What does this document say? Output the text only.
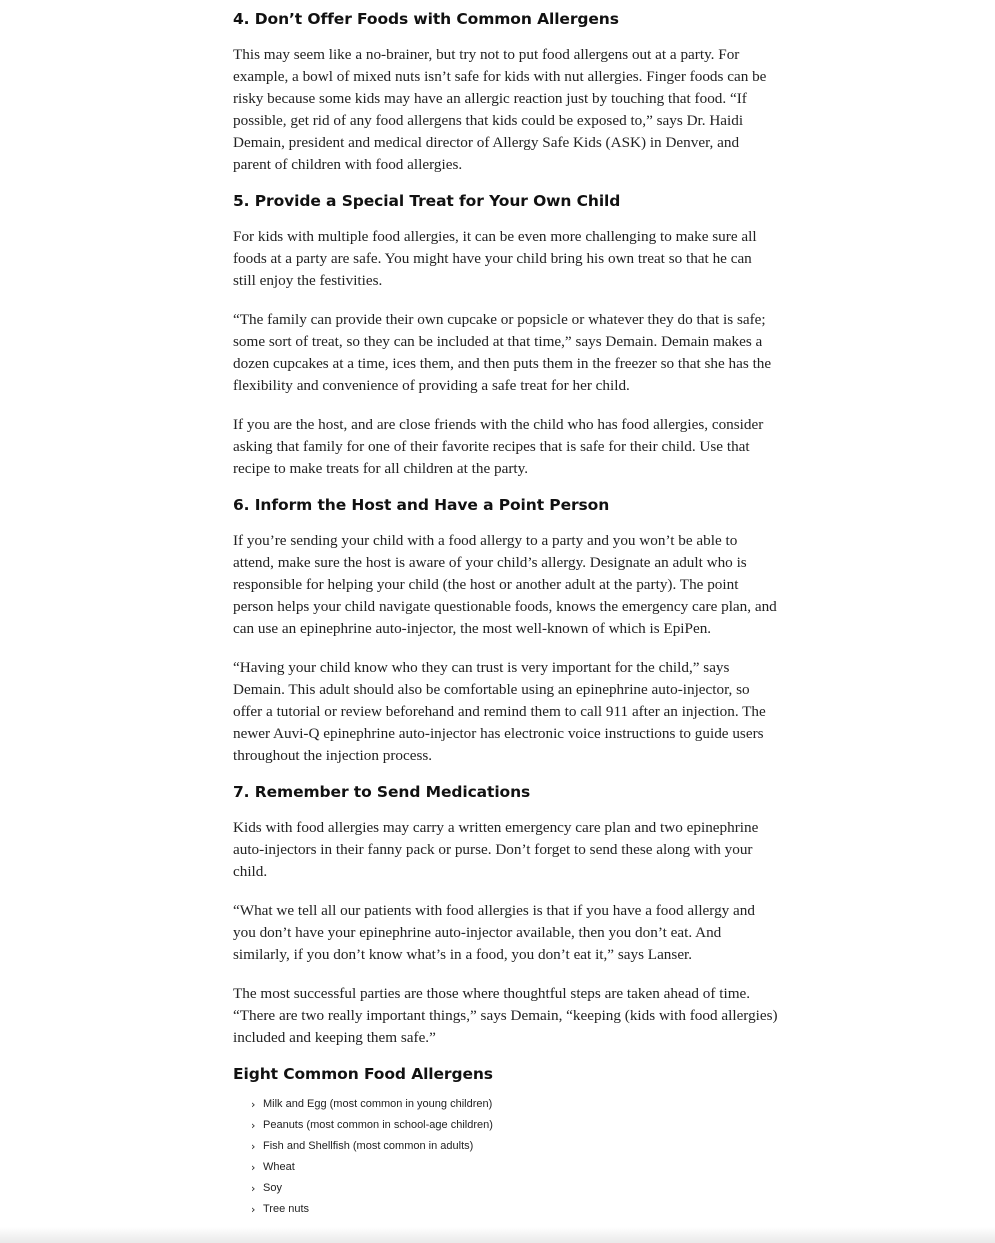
4. Don’t Offer Foods with Common Allergens

This may seem like a no-brainer, but try not to put food allergens out at a party. For example, a bowl of mixed nuts isn’t safe for kids with nut allergies. Finger foods can be risky because some kids may have an allergic reaction just by touching that food. “If possible, get rid of any food allergens that kids could be exposed to,” says Dr. Haidi Demain, president and medical director of Allergy Safe Kids (ASK) in Denver, and parent of children with food allergies.

5. Provide a Special Treat for Your Own Child

For kids with multiple food allergies, it can be even more challenging to make sure all foods at a party are safe. You might have your child bring his own treat so that he can still enjoy the festivities.

“The family can provide their own cupcake or popsicle or whatever they do that is safe; some sort of treat, so they can be included at that time,” says Demain. Demain makes a dozen cupcakes at a time, ices them, and then puts them in the freezer so that she has the flexibility and convenience of providing a safe treat for her child.

If you are the host, and are close friends with the child who has food allergies, consider asking that family for one of their favorite recipes that is safe for their child. Use that recipe to make treats for all children at the party.

6. Inform the Host and Have a Point Person

If you’re sending your child with a food allergy to a party and you won’t be able to attend, make sure the host is aware of your child’s allergy. Designate an adult who is responsible for helping your child (the host or another adult at the party). The point person helps your child navigate questionable foods, knows the emergency care plan, and can use an epinephrine auto-injector, the most well-known of which is EpiPen.

“Having your child know who they can trust is very important for the child,” says Demain. This adult should also be comfortable using an epinephrine auto-injector, so offer a tutorial or review beforehand and remind them to call 911 after an injection. The newer Auvi-Q epinephrine auto-injector has electronic voice instructions to guide users throughout the injection process.

7. Remember to Send Medications

Kids with food allergies may carry a written emergency care plan and two epinephrine auto-injectors in their fanny pack or purse. Don’t forget to send these along with your child.

“What we tell all our patients with food allergies is that if you have a food allergy and you don’t have your epinephrine auto-injector available, then you don’t eat. And similarly, if you don’t know what’s in a food, you don’t eat it,” says Lanser.

The most successful parties are those where thoughtful steps are taken ahead of time. “There are two really important things,” says Demain, “keeping (kids with food allergies) included and keeping them safe.”

Eight Common Food Allergens
› Milk and Egg (most common in young children)
› Peanuts (most common in school-age children)
› Fish and Shellfish (most common in adults)
› Wheat
› Soy
› Tree nuts
